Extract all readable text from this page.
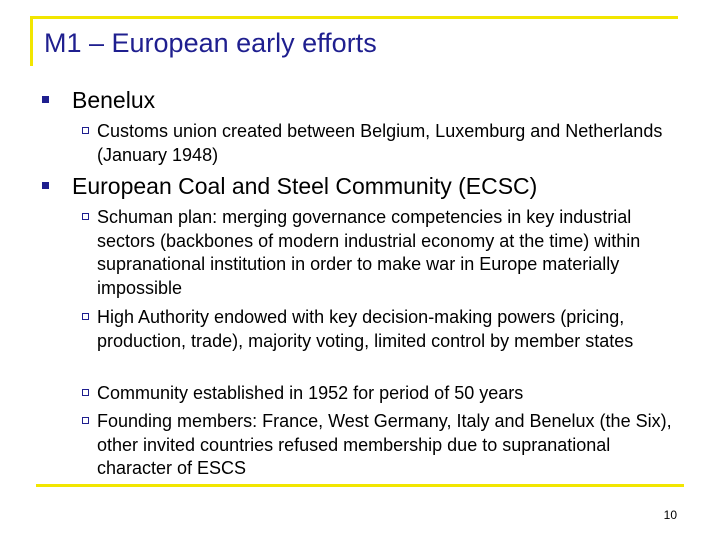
M1 – European early efforts
Benelux
Customs union created between Belgium, Luxemburg and Netherlands (January 1948)
European Coal and Steel Community (ECSC)
Schuman plan: merging governance competencies in key industrial sectors (backbones of modern industrial economy at the time) within supranational institution in order to make war in Europe materially impossible
High Authority endowed with key decision-making powers (pricing, production, trade), majority voting, limited control by member states
Community established in 1952 for period of 50 years
Founding members: France, West Germany, Italy and Benelux (the Six), other invited countries refused membership due to supranational character of ESCS
10
